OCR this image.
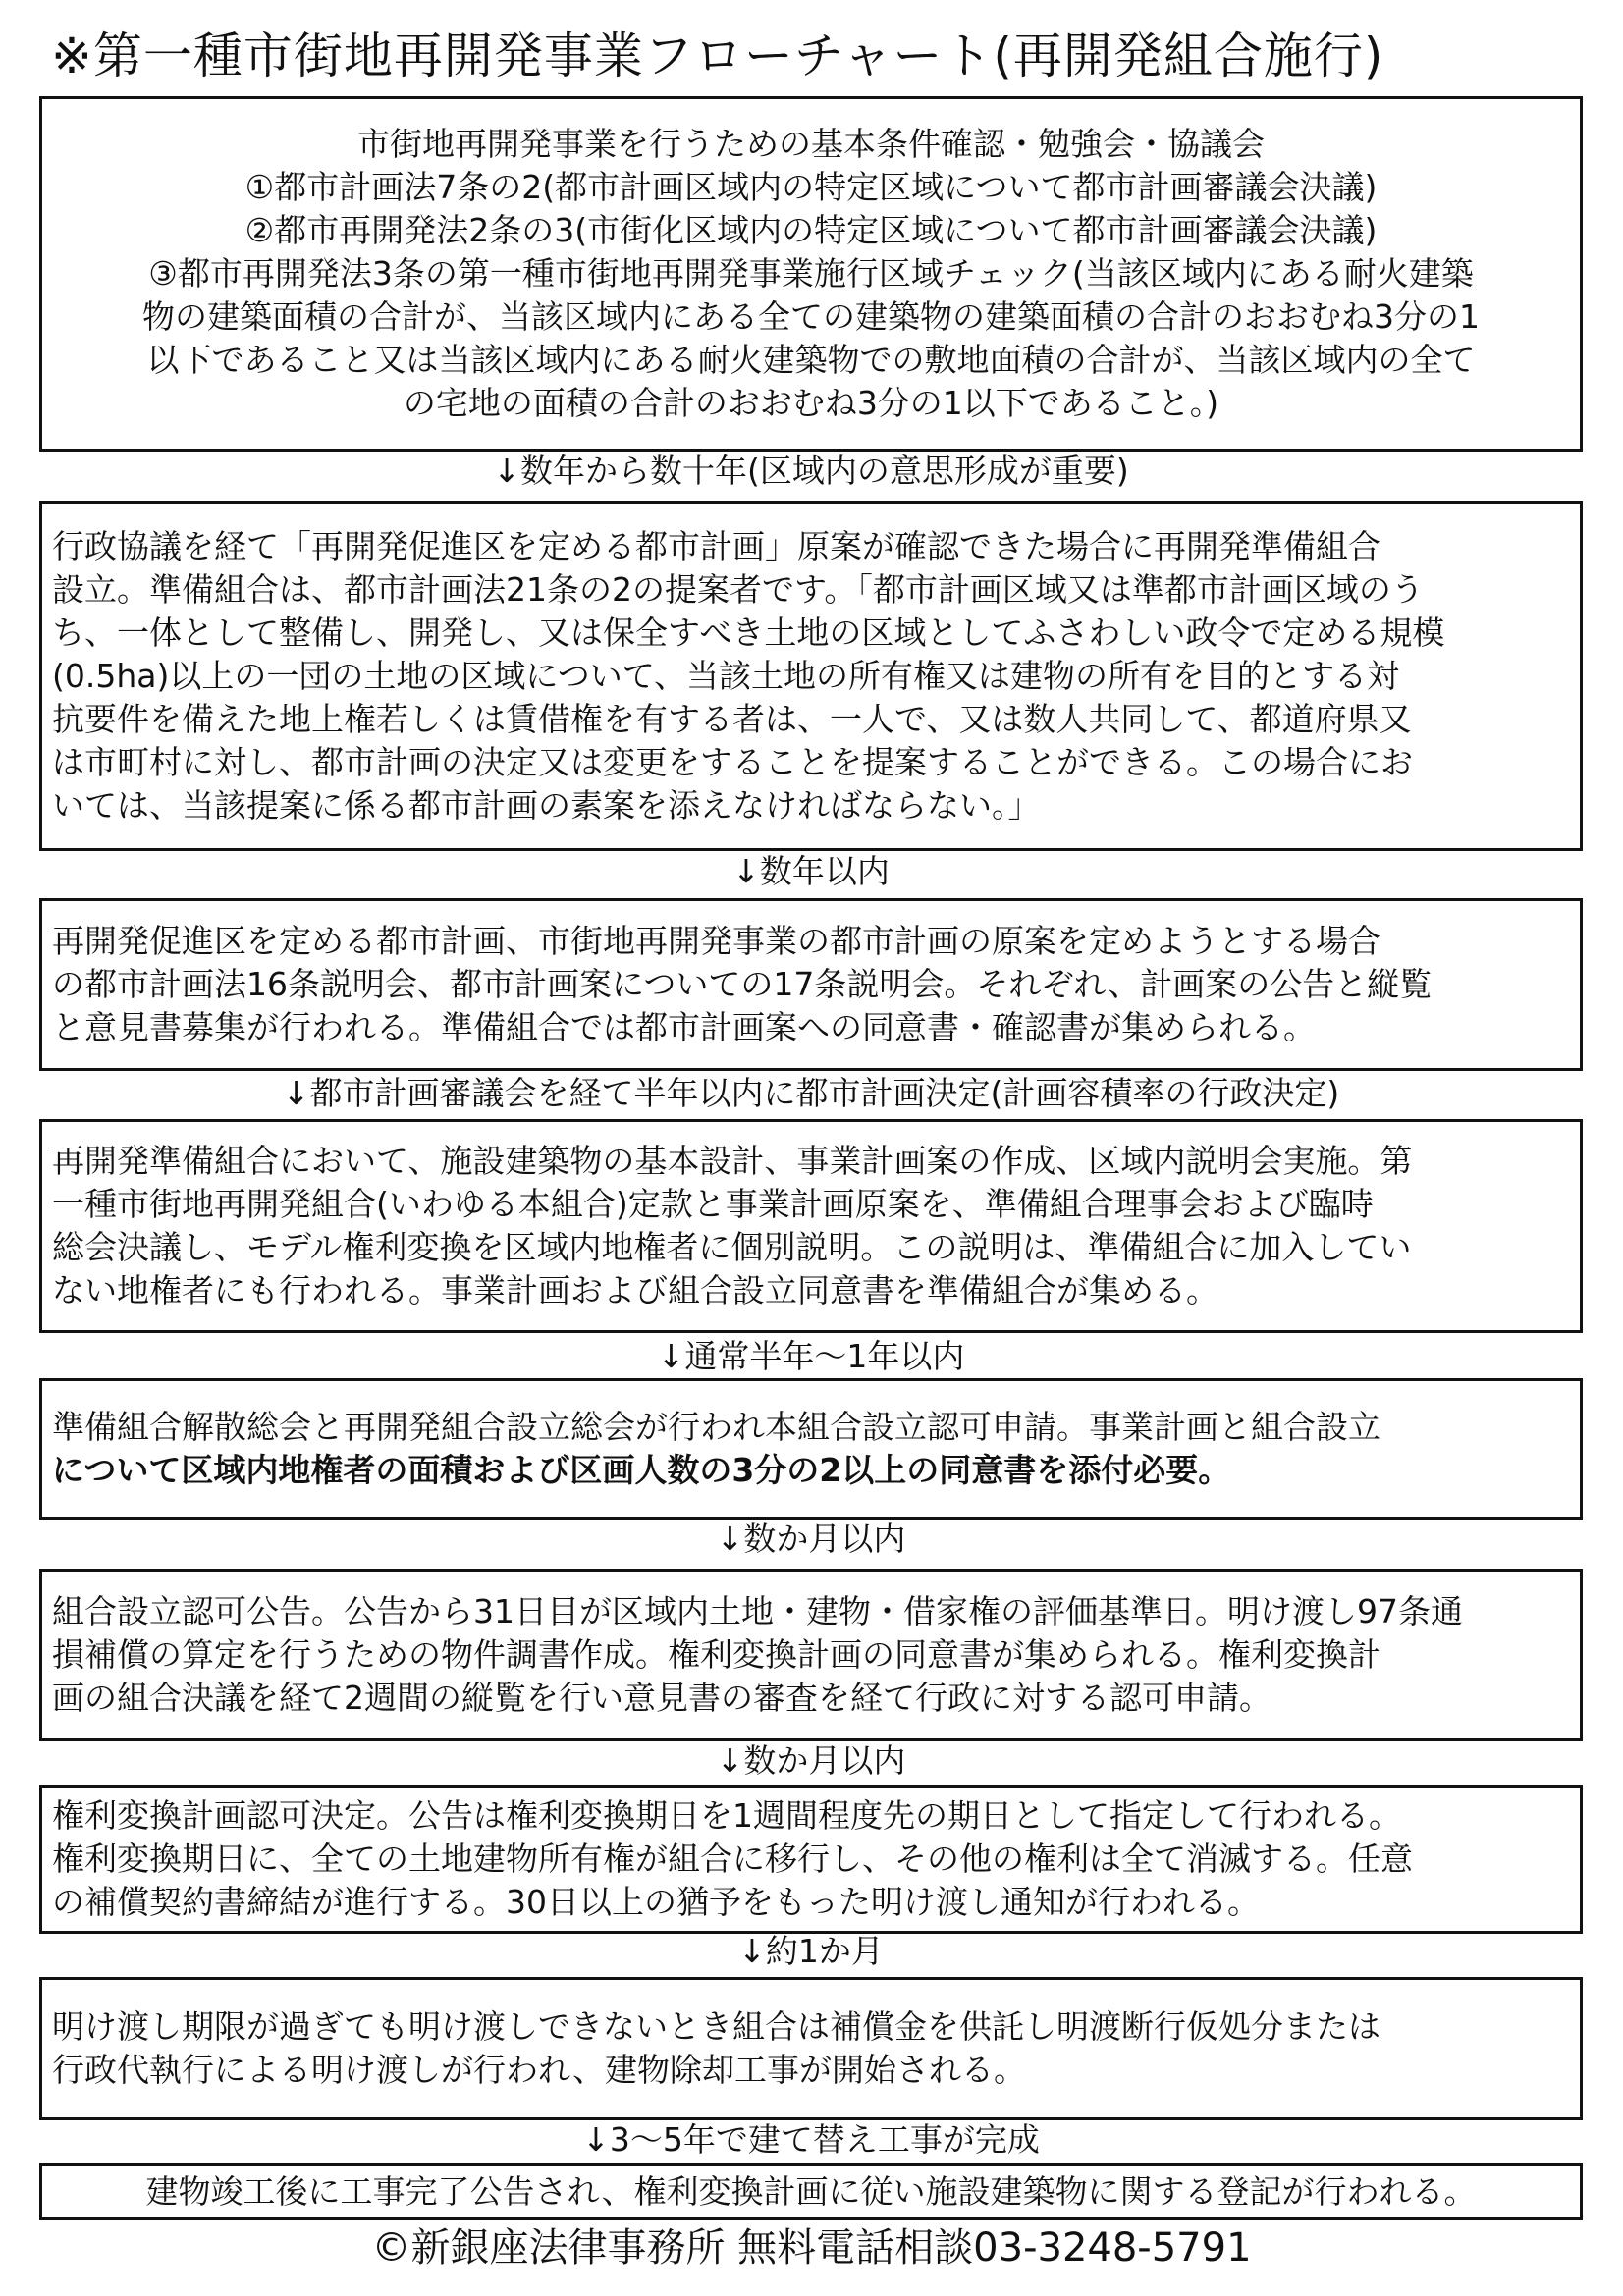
※第一種市街地再開発事業フローチャート(再開発組合施行)
市街地再開発事業を行うための基本条件確認・勉強会・協議会
①都市計画法7条の2(都市計画区域内の特定区域について都市計画審議会決議)
②都市再開発法2条の3(市街化区域内の特定区域について都市計画審議会決議)
③都市再開発法3条の第一種市街地再開発事業施行区域チェック(当該区域内にある耐火建築
物の建築面積の合計が、当該区域内にある全ての建築物の建築面積の合計のおおむね3分の1
以下であること又は当該区域内にある耐火建築物での敷地面積の合計が、当該区域内の全て
の宅地の面積の合計のおおむね3分の1以下であること。)
↓数年から数十年(区域内の意思形成が重要)
行政協議を経て「再開発促進区を定める都市計画」原案が確認できた場合に再開発準備組合
設立。準備組合は、都市計画法21条の2の提案者です。「都市計画区域又は準都市計画区域のう
ち、一体として整備し、開発し、又は保全すべき土地の区域としてふさわしい政令で定める規模
(0.5ha)以上の一団の土地の区域について、当該土地の所有権又は建物の所有を目的とする対
抗要件を備えた地上権若しくは賃借権を有する者は、一人で、又は数人共同して、都道府県又
は市町村に対し、都市計画の決定又は変更をすることを提案することができる。この場合にお
いては、当該提案に係る都市計画の素案を添えなければならない。」
↓数年以内
再開発促進区を定める都市計画、市街地再開発事業の都市計画の原案を定めようとする場合
の都市計画法16条説明会、都市計画案についての17条説明会。それぞれ、計画案の公告と縦覧
と意見書募集が行われる。準備組合では都市計画案への同意書・確認書が集められる。
↓都市計画審議会を経て半年以内に都市計画決定(計画容積率の行政決定)
再開発準備組合において、施設建築物の基本設計、事業計画案の作成、区域内説明会実施。第
一種市街地再開発組合(いわゆる本組合)定款と事業計画原案を、準備組合理事会および臨時
総会決議し、モデル権利変換を区域内地権者に個別説明。この説明は、準備組合に加入してい
ない地権者にも行われる。事業計画および組合設立同意書を準備組合が集める。
↓通常半年〜1年以内
準備組合解散総会と再開発組合設立総会が行われ本組合設立認可申請。事業計画と組合設立
について区域内地権者の面積および区画人数の3分の2以上の同意書を添付必要。
↓数か月以内
組合設立認可公告。公告から31日目が区域内土地・建物・借家権の評価基準日。明け渡し97条通
損補償の算定を行うための物件調書作成。権利変換計画の同意書が集められる。権利変換計
画の組合決議を経て2週間の縦覧を行い意見書の審査を経て行政に対する認可申請。
↓数か月以内
権利変換計画認可決定。公告は権利変換期日を1週間程度先の期日として指定して行われる。
権利変換期日に、全ての土地建物所有権が組合に移行し、その他の権利は全て消滅する。任意
の補償契約書締結が進行する。30日以上の猶予をもった明け渡し通知が行われる。
↓約1か月
明け渡し期限が過ぎても明け渡しできないとき組合は補償金を供託し明渡断行仮処分または
行政代執行による明け渡しが行われ、建物除却工事が開始される。
↓3〜5年で建て替え工事が完成
建物竣工後に工事完了公告され、権利変換計画に従い施設建築物に関する登記が行われる。
©新銀座法律事務所 無料電話相談03-3248-5791
